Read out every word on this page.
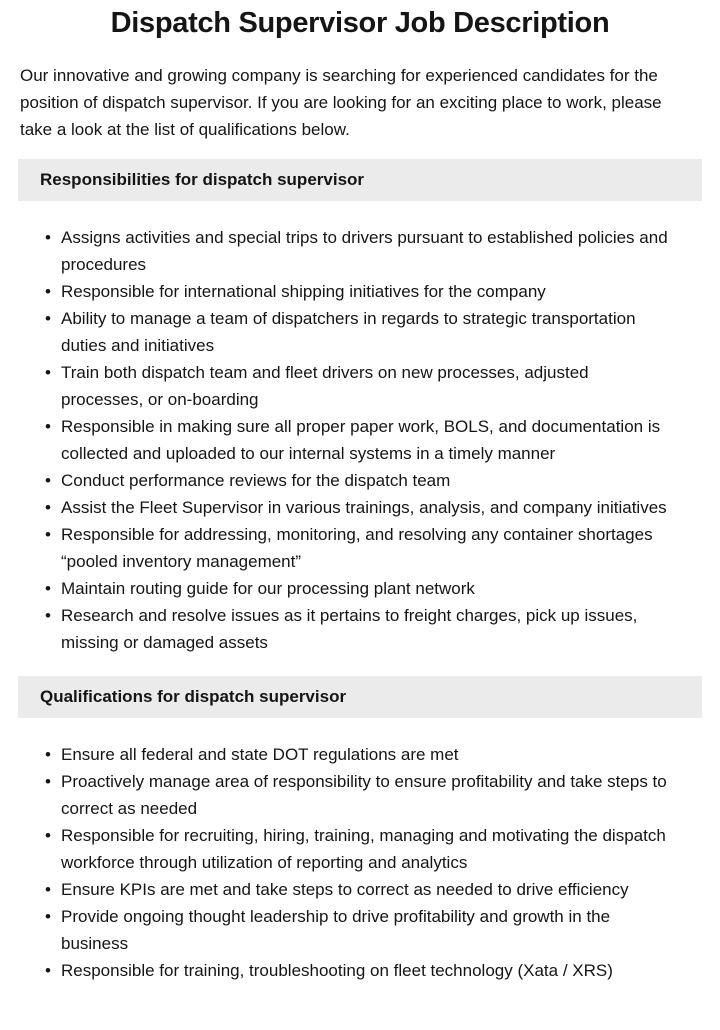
Dispatch Supervisor Job Description

Our innovative and growing company is searching for experienced candidates for the position of dispatch supervisor. If you are looking for an exciting place to work, please take a look at the list of qualifications below.

Responsibilities for dispatch supervisor
• Assigns activities and special trips to drivers pursuant to established policies and procedures
• Responsible for international shipping initiatives for the company
• Ability to manage a team of dispatchers in regards to strategic transportation duties and initiatives
• Train both dispatch team and fleet drivers on new processes, adjusted processes, or on-boarding
• Responsible in making sure all proper paper work, BOLS, and documentation is collected and uploaded to our internal systems in a timely manner
• Conduct performance reviews for the dispatch team
• Assist the Fleet Supervisor in various trainings, analysis, and company initiatives
• Responsible for addressing, monitoring, and resolving any container shortages “pooled inventory management”
• Maintain routing guide for our processing plant network
• Research and resolve issues as it pertains to freight charges, pick up issues, missing or damaged assets
Qualifications for dispatch supervisor
• Ensure all federal and state DOT regulations are met
• Proactively manage area of responsibility to ensure profitability and take steps to correct as needed
• Responsible for recruiting, hiring, training, managing and motivating the dispatch workforce through utilization of reporting and analytics
• Ensure KPIs are met and take steps to correct as needed to drive efficiency
• Provide ongoing thought leadership to drive profitability and growth in the business
• Responsible for training, troubleshooting on fleet technology (Xata / XRS)
